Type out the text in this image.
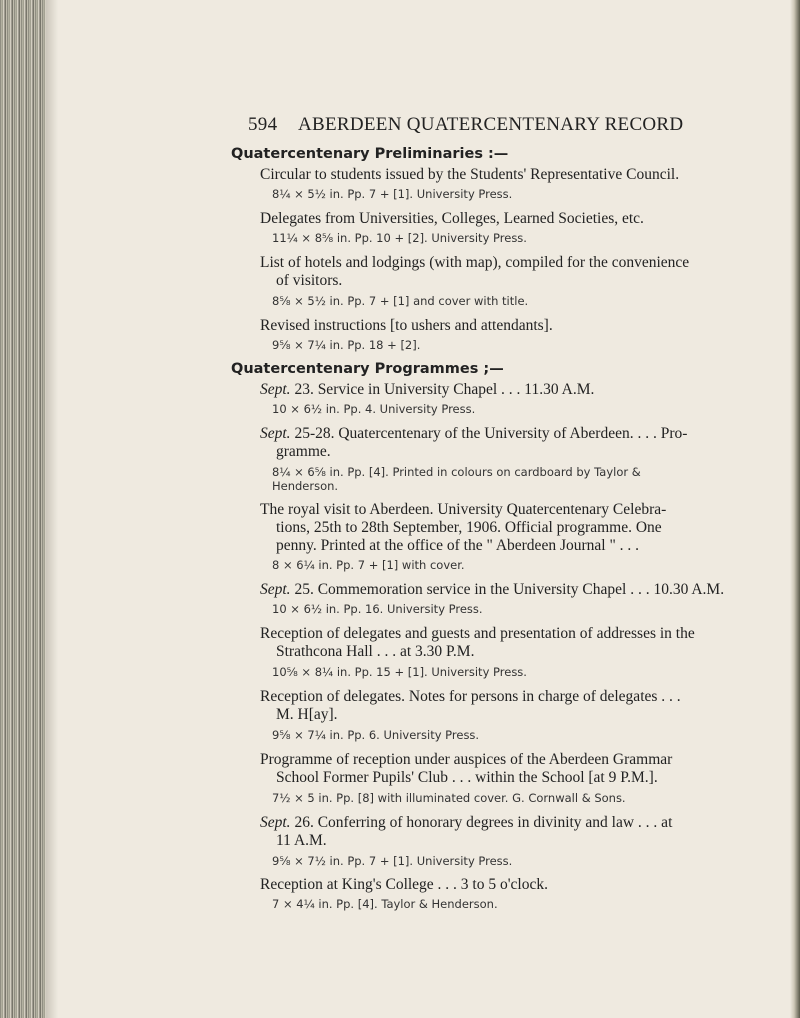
594 ABERDEEN QUATERCENTENARY RECORD
Quatercentenary Preliminaries :—
Circular to students issued by the Students' Representative Council.
8¼ × 5½ in. Pp. 7 + [1]. University Press.
Delegates from Universities, Colleges, Learned Societies, etc.
11¼ × 8⅝ in. Pp. 10 + [2]. University Press.
List of hotels and lodgings (with map), compiled for the convenience
of visitors.
8⅝ × 5½ in. Pp. 7 + [1] and cover with title.
Revised instructions [to ushers and attendants].
9⅝ × 7¼ in. Pp. 18 + [2].
Quatercentenary Programmes ;—
Sept. 23. Service in University Chapel . . . 11.30 A.M.
10 × 6½ in. Pp. 4. University Press.
Sept. 25-28. Quatercentenary of the University of Aberdeen. . . . Pro-
gramme.
8¼ × 6⅝ in. Pp. [4]. Printed in colours on cardboard by Taylor &
Henderson.
The royal visit to Aberdeen. University Quatercentenary Celebra-
tions, 25th to 28th September, 1906. Official programme. One
penny. Printed at the office of the " Aberdeen Journal " . . .
8 × 6¼ in. Pp. 7 + [1] with cover.
Sept. 25. Commemoration service in the University Chapel . . . 10.30 A.M.
10 × 6½ in. Pp. 16. University Press.
Reception of delegates and guests and presentation of addresses in the
Strathcona Hall . . . at 3.30 P.M.
10⅝ × 8¼ in. Pp. 15 + [1]. University Press.
Reception of delegates. Notes for persons in charge of delegates . . .
M. H[ay].
9⅝ × 7¼ in. Pp. 6. University Press.
Programme of reception under auspices of the Aberdeen Grammar
School Former Pupils' Club . . . within the School [at 9 P.M.].
7½ × 5 in. Pp. [8] with illuminated cover. G. Cornwall & Sons.
Sept. 26. Conferring of honorary degrees in divinity and law . . . at
11 A.M.
9⅝ × 7½ in. Pp. 7 + [1]. University Press.
Reception at King's College . . . 3 to 5 o'clock.
7 × 4¼ in. Pp. [4]. Taylor & Henderson.
